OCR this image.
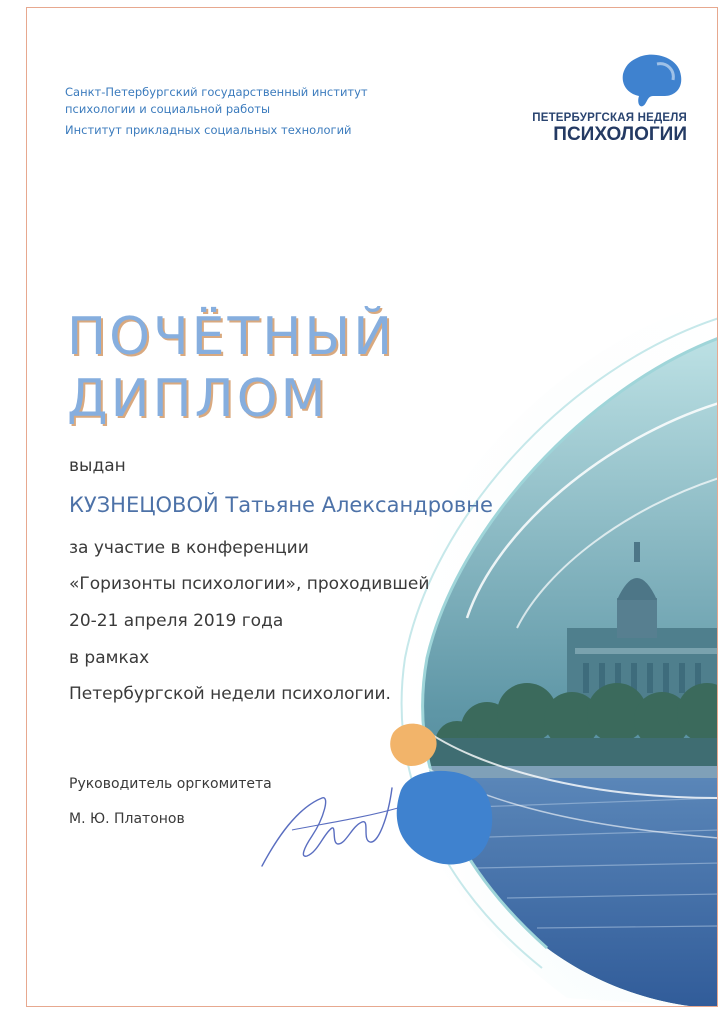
Санкт-Петербургский государственный институт
психологии и социальной работы
Институт прикладных социальных технологий
ПЕТЕРБУРГСКАЯ НЕДЕЛЯ
ПСИХОЛОГИИ
ПОЧЁТНЫЙ
ДИПЛОМ
выдан
КУЗНЕЦОВОЙ Татьяне Александровне
за участие в конференции
«Горизонты психологии», проходившей
20-21 апреля 2019 года
в рамках
Петербургской недели психологии.
Руководитель оргкомитета
М. Ю. Платонов
